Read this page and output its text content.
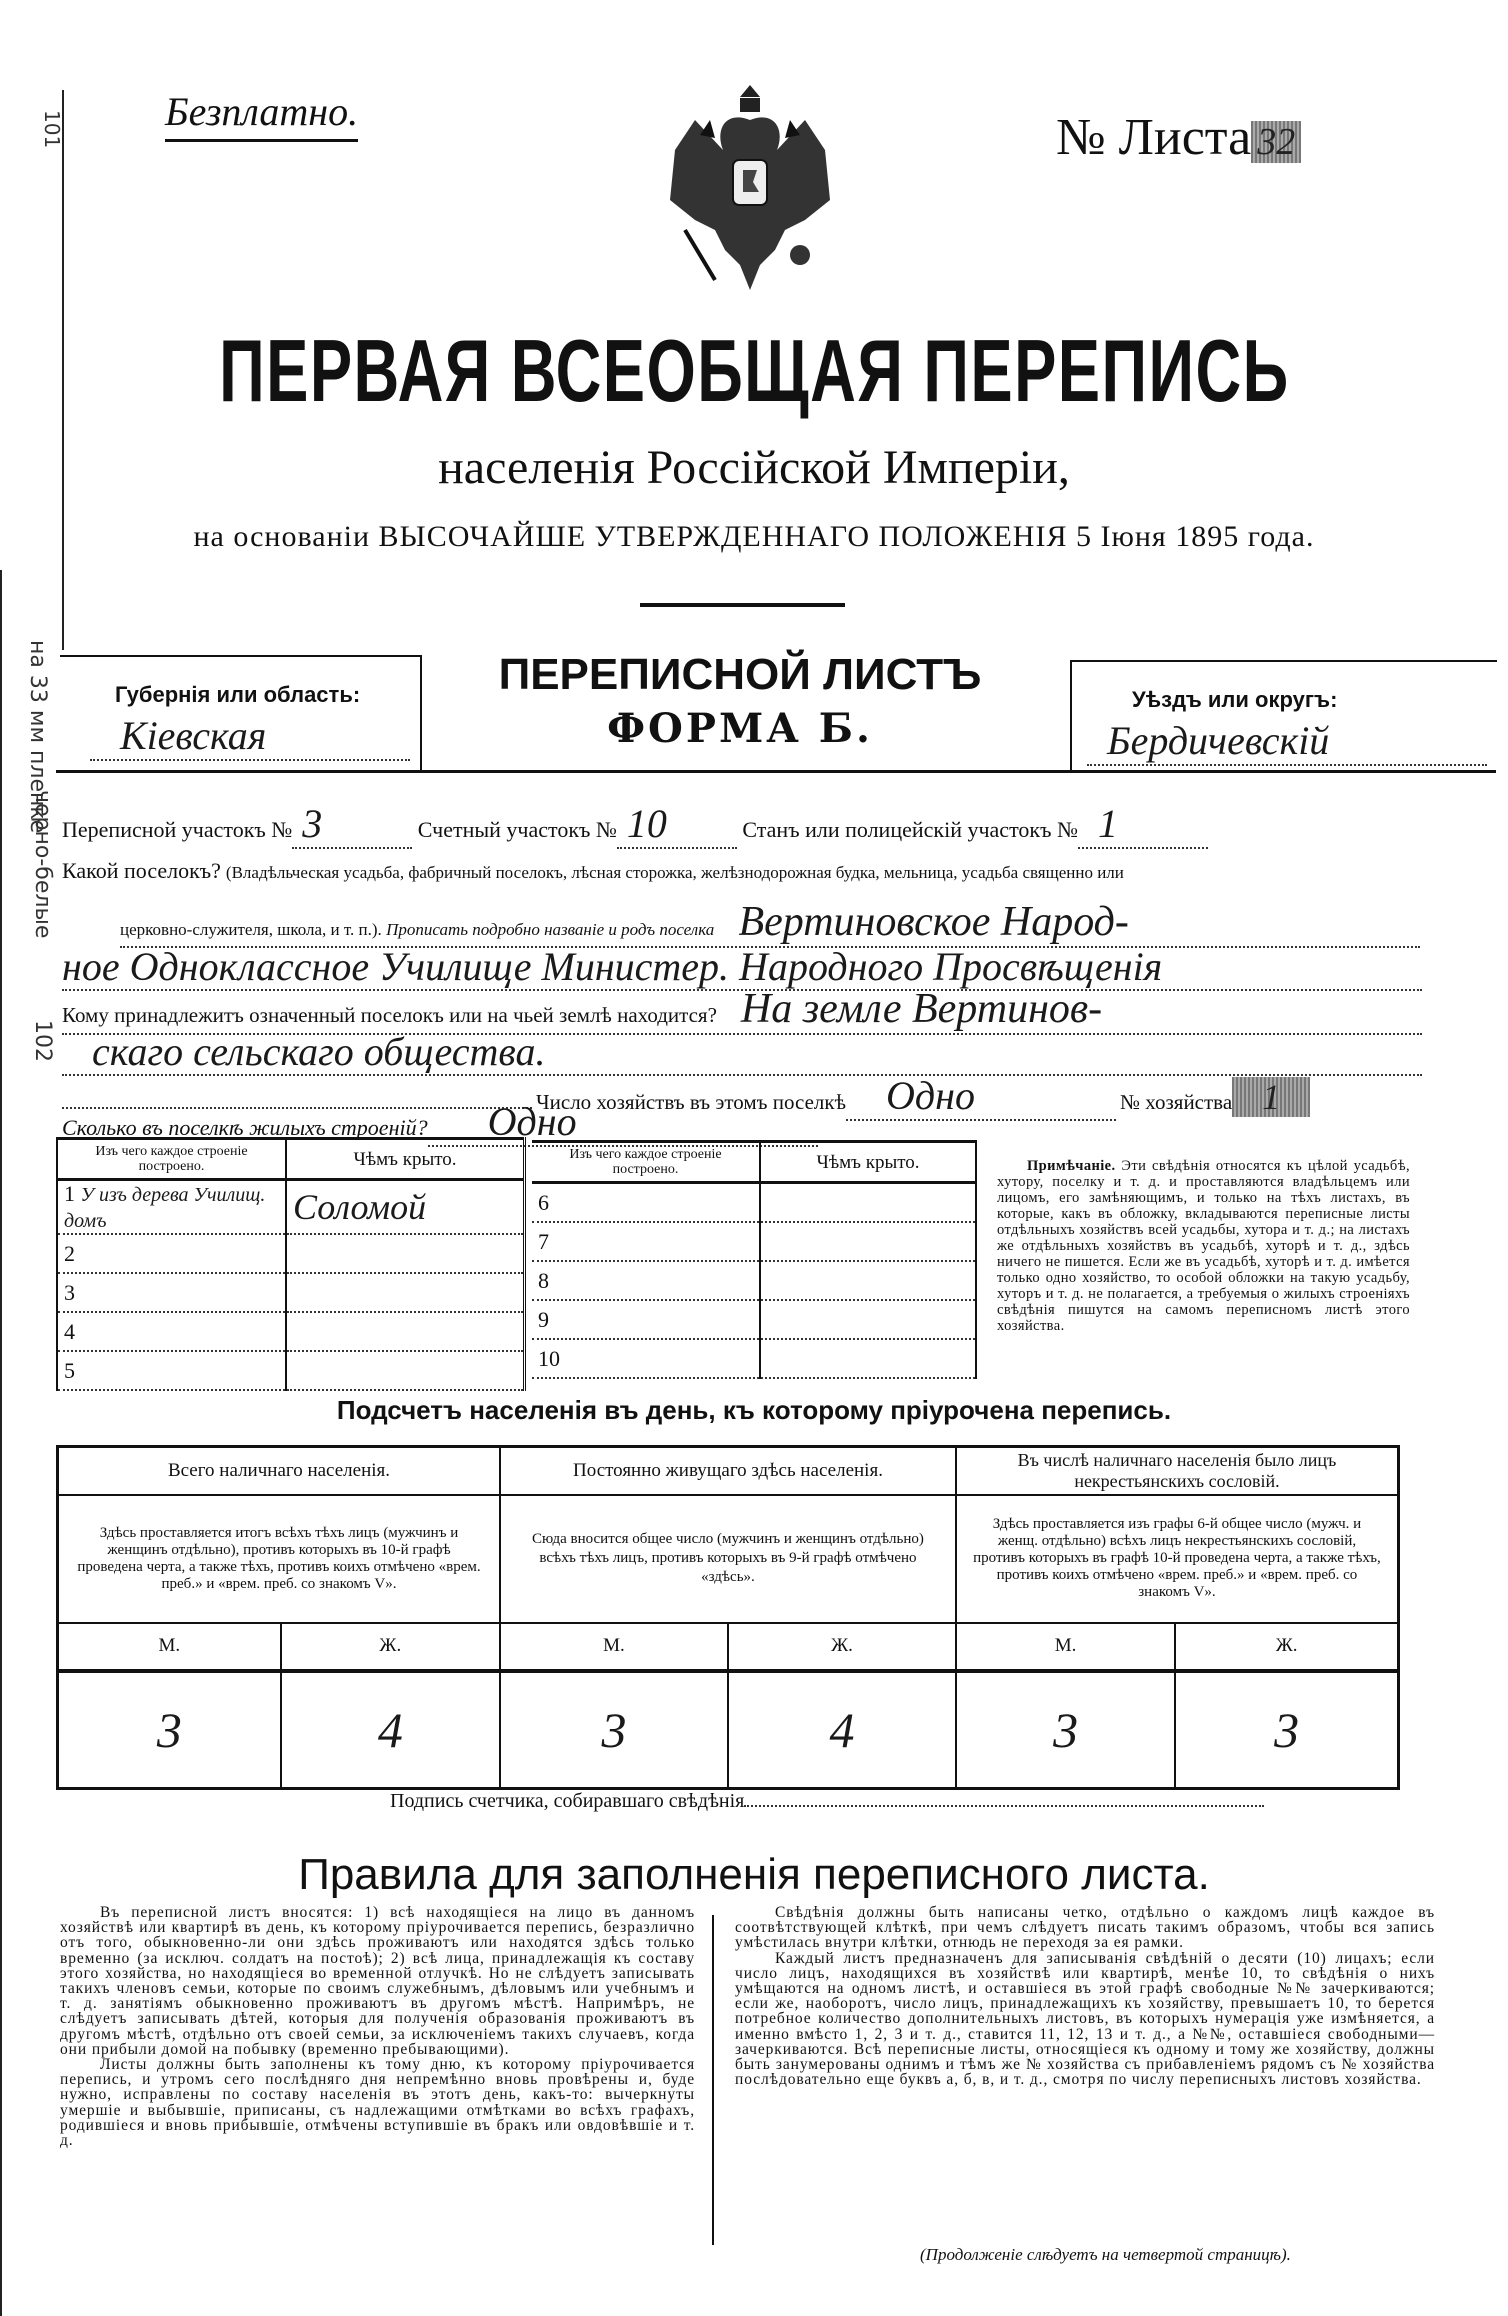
101
на 33 мм пленке
черно-белые
102
Безплатно.	№ Листа 32
ПЕРВАЯ ВСЕОБЩАЯ ПЕРЕПИСЬ
населенія Россійской Имперіи,
на основаніи ВЫСОЧАЙШЕ УТВЕРЖДЕННАГО ПОЛОЖЕНІЯ 5 Іюня 1895 года.
Губернія или область:
Кіевская
ПЕРЕПИСНОЙ ЛИСТЪ
ФОРМА Б.
Уѣздъ или округъ:
Бердичевскій
Переписной участокъ № 3	Счетный участокъ № 10	Станъ или полицейскій участокъ № 1
Какой поселокъ? (Владѣльческая усадьба, фабричный поселокъ, лѣсная сторожка, желѣзнодорожная будка, мельница, усадьба священно или
церковно-служителя, школа, и т. п.). Прописать подробно названіе и родъ поселка Вертиновское Народ-
ное Одноклассное Училище Министер. Народного Просвѣщенія
Кому принадлежитъ означенный поселокъ или на чьей землѣ находится? На земле Вертинов-
скаго сельскаго общества.
Число хозяйствъ въ этомъ поселкѣ Одно	№ хозяйства 1
Сколько въ поселкѣ жилыхъ строеній? Одно
Изъ чего каждое строеніе построено.	Чѣмъ крыто.
1 У изъ дерева Училищ. домъ	Соломой
2	
3	
4	
5	
Изъ чего каждое строеніе построено.	Чѣмъ крыто.
6	
7	
8	
9	
10	
Примѣчаніе. Эти свѣдѣнія относятся къ цѣлой усадьбѣ, хутору, поселку и т. д. и проставляются владѣльцемъ или лицомъ, его замѣняющимъ, и только на тѣхъ листахъ, въ которые, какъ въ обложку, вкладываются переписные листы отдѣльныхъ хозяйствъ всей усадьбы, хутора и т. д.; на листахъ же отдѣльныхъ хозяйствъ въ усадьбѣ, хуторѣ и т. д., здѣсь ничего не пишется. Если же въ усадьбѣ, хуторѣ и т. д. имѣется только одно хозяйство, то особой обложки на такую усадьбу, хуторъ и т. д. не полагается, а требуемыя о жилыхъ строеніяхъ свѣдѣнія пишутся на самомъ переписномъ листѣ этого хозяйства.
Подсчетъ населенія въ день, къ которому пріурочена перепись.
Всего наличнаго населенія.		Постоянно живущаго здѣсь населенія.		Въ числѣ наличнаго населенія было лицъ некрестьянскихъ сословій.	
Здѣсь проставляется итогъ всѣхъ тѣхъ лицъ (мужчинъ и женщинъ отдѣльно), противъ которыхъ въ 10-й графѣ проведена черта, а также тѣхъ, противъ коихъ отмѣчено «врем. преб.» и «врем. преб. со знакомъ V».		Сюда вносится общее число (мужчинъ и женщинъ отдѣльно) всѣхъ тѣхъ лицъ, противъ которыхъ въ 9-й графѣ отмѣчено «здѣсь».		Здѣсь проставляется изъ графы 6-й общее число (мужч. и женщ. отдѣльно) всѣхъ лицъ некрестьянскихъ сословій, противъ которыхъ въ графѣ 10-й проведена черта, а также тѣхъ, противъ коихъ отмѣчено «врем. преб.» и «врем. преб. со знакомъ V».	
М.	Ж.	М.	Ж.	М.	Ж.
3	4	3	4	3	3
Подпись счетчика, собиравшаго свѣдѣнія
Правила для заполненія переписного листа.

Въ переписной листъ вносятся: 1) всѣ находящіеся на лицо въ данномъ хозяйствѣ или квартирѣ въ день, къ которому пріурочивается перепись, безразлично отъ того, обыкновенно-ли они здѣсь проживаютъ или находятся здѣсь только временно (за исключ. солдатъ на постоѣ); 2) всѣ лица, принадлежащія къ составу этого хозяйства, но находящіеся во временной отлучкѣ. Но не слѣдуетъ записывать такихъ членовъ семьи, которые по своимъ служебнымъ, дѣловымъ или учебнымъ и т. д. занятіямъ обыкновенно проживаютъ въ другомъ мѣстѣ. Напримѣръ, не слѣдуетъ записывать дѣтей, которыя для полученія образованія проживаютъ въ другомъ мѣстѣ, отдѣльно отъ своей семьи, за исключеніемъ такихъ случаевъ, когда они прибыли домой на побывку (временно пребывающими).

Листы должны быть заполнены къ тому дню, къ которому пріурочивается перепись, и утромъ сего послѣдняго дня непремѣнно вновь провѣрены и, буде нужно, исправлены по составу населенія въ этотъ день, какъ-то: вычеркнуты умершіе и выбывшіе, приписаны, съ надлежащими отмѣтками во всѣхъ графахъ, родившіеся и вновь прибывшіе, отмѣчены вступившіе въ бракъ или овдовѣвшіе и т. д.

Свѣдѣнія должны быть написаны четко, отдѣльно о каждомъ лицѣ каждое въ соотвѣтствующей клѣткѣ, при чемъ слѣдуетъ писать такимъ образомъ, чтобы вся запись умѣстилась внутри клѣтки, отнюдь не переходя за ея рамки.

Каждый листъ предназначенъ для записыванія свѣдѣній о десяти (10) лицахъ; если число лицъ, находящихся въ хозяйствѣ или квартирѣ, менѣе 10, то свѣдѣнія о нихъ умѣщаются на одномъ листѣ, и оставшіеся въ этой графѣ свободные №№ зачеркиваются; если же, наоборотъ, число лицъ, принадлежащихъ къ хозяйству, превышаетъ 10, то берется потребное количество дополнительныхъ листовъ, въ которыхъ нумерація уже измѣняется, а именно вмѣсто 1, 2, 3 и т. д., ставится 11, 12, 13 и т. д., а №№, оставшіеся свободными—зачеркиваются. Всѣ переписные листы, относящіеся къ одному и тому же хозяйству, должны быть занумерованы однимъ и тѣмъ же № хозяйства съ прибавленіемъ рядомъ съ № хозяйства послѣдовательно еще буквъ а, б, в, и т. д., смотря по числу переписныхъ листовъ хозяйства.

(Продолженіе слѣдуетъ на четвертой страницѣ).
